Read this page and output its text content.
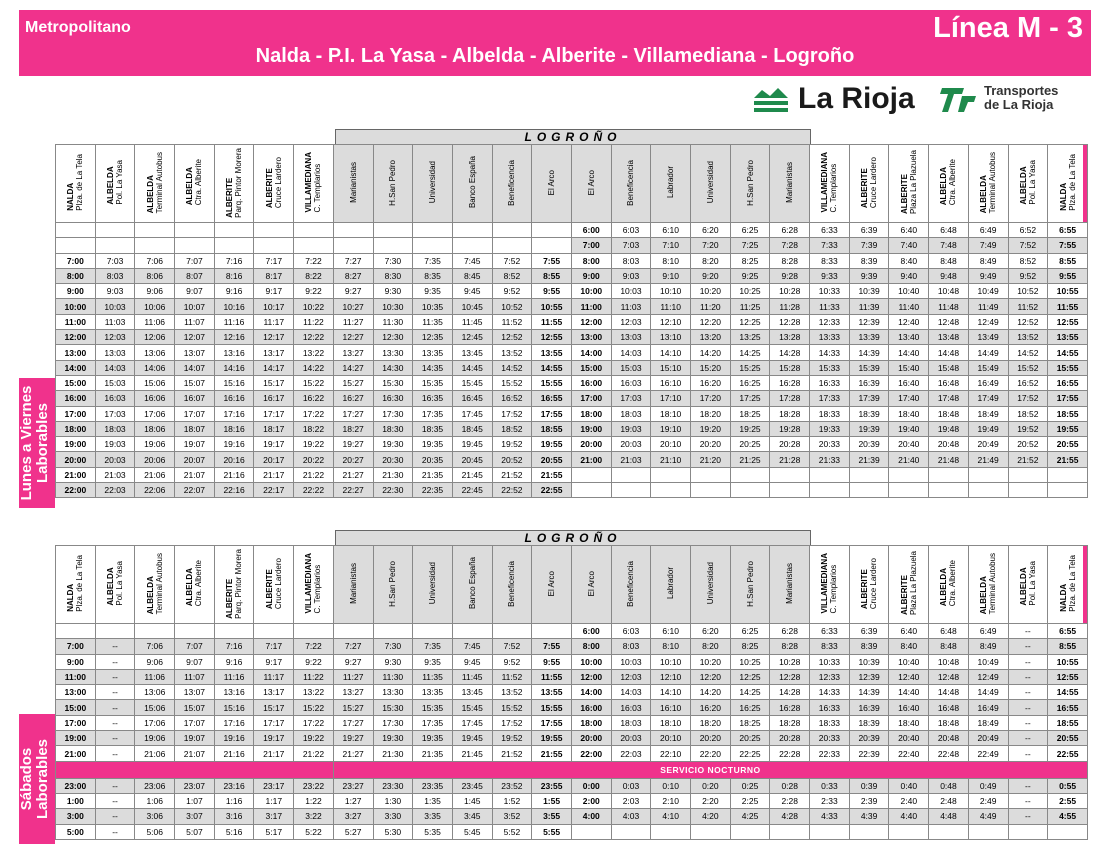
Metropolitano	Línea M - 3
Nalda - P.I. La Yasa - Albelda - Alberite - Villamediana - Logroño
La Rioja	Transportes
de La Rioja
LOGROÑO
NALDA Plza. de La Tela	ALBELDA Pol. La Yasa	ALBELDA Terminal Autobus	ALBELDA Ctra. Alberite	ALBERITE Parq. Pintor Morera	ALBERITE Cruce Lardero	VILLAMEDIANA C. Templarios	Marianistas	H.San Pedro	Universidad	Banco España	Beneficencia	El Arco	El Arco	Beneficencia	Labrador	Universidad	H.San Pedro	Marianistas	VILLAMEDIANA C. Templarios	ALBERITE Cruce Lardero	ALBERITE Plaza La Plazuela	ALBELDA Ctra. Alberite	ALBELDA Terminal Autobus	ALBELDA Pol. La Yasa	NALDA Plza. de La Tela
													6:00	6:03	6:10	6:20	6:25	6:28	6:33	6:39	6:40	6:48	6:49	6:52	6:55
													7:00	7:03	7:10	7:20	7:25	7:28	7:33	7:39	7:40	7:48	7:49	7:52	7:55
7:00	7:03	7:06	7:07	7:16	7:17	7:22	7:27	7:30	7:35	7:45	7:52	7:55	8:00	8:03	8:10	8:20	8:25	8:28	8:33	8:39	8:40	8:48	8:49	8:52	8:55
8:00	8:03	8:06	8:07	8:16	8:17	8:22	8:27	8:30	8:35	8:45	8:52	8:55	9:00	9:03	9:10	9:20	9:25	9:28	9:33	9:39	9:40	9:48	9:49	9:52	9:55
9:00	9:03	9:06	9:07	9:16	9:17	9:22	9:27	9:30	9:35	9:45	9:52	9:55	10:00	10:03	10:10	10:20	10:25	10:28	10:33	10:39	10:40	10:48	10:49	10:52	10:55
10:00	10:03	10:06	10:07	10:16	10:17	10:22	10:27	10:30	10:35	10:45	10:52	10:55	11:00	11:03	11:10	11:20	11:25	11:28	11:33	11:39	11:40	11:48	11:49	11:52	11:55
11:00	11:03	11:06	11:07	11:16	11:17	11:22	11:27	11:30	11:35	11:45	11:52	11:55	12:00	12:03	12:10	12:20	12:25	12:28	12:33	12:39	12:40	12:48	12:49	12:52	12:55
12:00	12:03	12:06	12:07	12:16	12:17	12:22	12:27	12:30	12:35	12:45	12:52	12:55	13:00	13:03	13:10	13:20	13:25	13:28	13:33	13:39	13:40	13:48	13:49	13:52	13:55
13:00	13:03	13:06	13:07	13:16	13:17	13:22	13:27	13:30	13:35	13:45	13:52	13:55	14:00	14:03	14:10	14:20	14:25	14:28	14:33	14:39	14:40	14:48	14:49	14:52	14:55
14:00	14:03	14:06	14:07	14:16	14:17	14:22	14:27	14:30	14:35	14:45	14:52	14:55	15:00	15:03	15:10	15:20	15:25	15:28	15:33	15:39	15:40	15:48	15:49	15:52	15:55
15:00	15:03	15:06	15:07	15:16	15:17	15:22	15:27	15:30	15:35	15:45	15:52	15:55	16:00	16:03	16:10	16:20	16:25	16:28	16:33	16:39	16:40	16:48	16:49	16:52	16:55
16:00	16:03	16:06	16:07	16:16	16:17	16:22	16:27	16:30	16:35	16:45	16:52	16:55	17:00	17:03	17:10	17:20	17:25	17:28	17:33	17:39	17:40	17:48	17:49	17:52	17:55
17:00	17:03	17:06	17:07	17:16	17:17	17:22	17:27	17:30	17:35	17:45	17:52	17:55	18:00	18:03	18:10	18:20	18:25	18:28	18:33	18:39	18:40	18:48	18:49	18:52	18:55
18:00	18:03	18:06	18:07	18:16	18:17	18:22	18:27	18:30	18:35	18:45	18:52	18:55	19:00	19:03	19:10	19:20	19:25	19:28	19:33	19:39	19:40	19:48	19:49	19:52	19:55
19:00	19:03	19:06	19:07	19:16	19:17	19:22	19:27	19:30	19:35	19:45	19:52	19:55	20:00	20:03	20:10	20:20	20:25	20:28	20:33	20:39	20:40	20:48	20:49	20:52	20:55
20:00	20:03	20:06	20:07	20:16	20:17	20:22	20:27	20:30	20:35	20:45	20:52	20:55	21:00	21:03	21:10	21:20	21:25	21:28	21:33	21:39	21:40	21:48	21:49	21:52	21:55
21:00	21:03	21:06	21:07	21:16	21:17	21:22	21:27	21:30	21:35	21:45	21:52	21:55													
22:00	22:03	22:06	22:07	22:16	22:17	22:22	22:27	22:30	22:35	22:45	22:52	22:55													
Lunes a Viernes Laborables
LOGROÑO
NALDA Plza. de La Tela	ALBELDA Pol. La Yasa	ALBELDA Terminal Autobus	ALBELDA Ctra. Alberite	ALBERITE Parq. Pintor Morera	ALBERITE Cruce Lardero	VILLAMEDIANA C. Templarios	Marianistas	H.San Pedro	Universidad	Banco España	Beneficencia	El Arco	El Arco	Beneficencia	Labrador	Universidad	H.San Pedro	Marianistas	VILLAMEDIANA C. Templarios	ALBERITE Cruce Lardero	ALBERITE Plaza La Plazuela	ALBELDA Ctra. Alberite	ALBELDA Terminal Autobus	ALBELDA Pol. La Yasa	NALDA Plza. de La Tela
													6:00	6:03	6:10	6:20	6:25	6:28	6:33	6:39	6:40	6:48	6:49	--	6:55
7:00	--	7:06	7:07	7:16	7:17	7:22	7:27	7:30	7:35	7:45	7:52	7:55	8:00	8:03	8:10	8:20	8:25	8:28	8:33	8:39	8:40	8:48	8:49	--	8:55
9:00	--	9:06	9:07	9:16	9:17	9:22	9:27	9:30	9:35	9:45	9:52	9:55	10:00	10:03	10:10	10:20	10:25	10:28	10:33	10:39	10:40	10:48	10:49	--	10:55
11:00	--	11:06	11:07	11:16	11:17	11:22	11:27	11:30	11:35	11:45	11:52	11:55	12:00	12:03	12:10	12:20	12:25	12:28	12:33	12:39	12:40	12:48	12:49	--	12:55
13:00	--	13:06	13:07	13:16	13:17	13:22	13:27	13:30	13:35	13:45	13:52	13:55	14:00	14:03	14:10	14:20	14:25	14:28	14:33	14:39	14:40	14:48	14:49	--	14:55
15:00	--	15:06	15:07	15:16	15:17	15:22	15:27	15:30	15:35	15:45	15:52	15:55	16:00	16:03	16:10	16:20	16:25	16:28	16:33	16:39	16:40	16:48	16:49	--	16:55
17:00	--	17:06	17:07	17:16	17:17	17:22	17:27	17:30	17:35	17:45	17:52	17:55	18:00	18:03	18:10	18:20	18:25	18:28	18:33	18:39	18:40	18:48	18:49	--	18:55
19:00	--	19:06	19:07	19:16	19:17	19:22	19:27	19:30	19:35	19:45	19:52	19:55	20:00	20:03	20:10	20:20	20:25	20:28	20:33	20:39	20:40	20:48	20:49	--	20:55
21:00	--	21:06	21:07	21:16	21:17	21:22	21:27	21:30	21:35	21:45	21:52	21:55	22:00	22:03	22:10	22:20	22:25	22:28	22:33	22:39	22:40	22:48	22:49	--	22:55
							SERVICIO NOCTURNO																		
23:00	--	23:06	23:07	23:16	23:17	23:22	23:27	23:30	23:35	23:45	23:52	23:55	0:00	0:03	0:10	0:20	0:25	0:28	0:33	0:39	0:40	0:48	0:49	--	0:55
1:00	--	1:06	1:07	1:16	1:17	1:22	1:27	1:30	1:35	1:45	1:52	1:55	2:00	2:03	2:10	2:20	2:25	2:28	2:33	2:39	2:40	2:48	2:49	--	2:55
3:00	--	3:06	3:07	3:16	3:17	3:22	3:27	3:30	3:35	3:45	3:52	3:55	4:00	4:03	4:10	4:20	4:25	4:28	4:33	4:39	4:40	4:48	4:49	--	4:55
5:00	--	5:06	5:07	5:16	5:17	5:22	5:27	5:30	5:35	5:45	5:52	5:55													
Sábados Laborables
